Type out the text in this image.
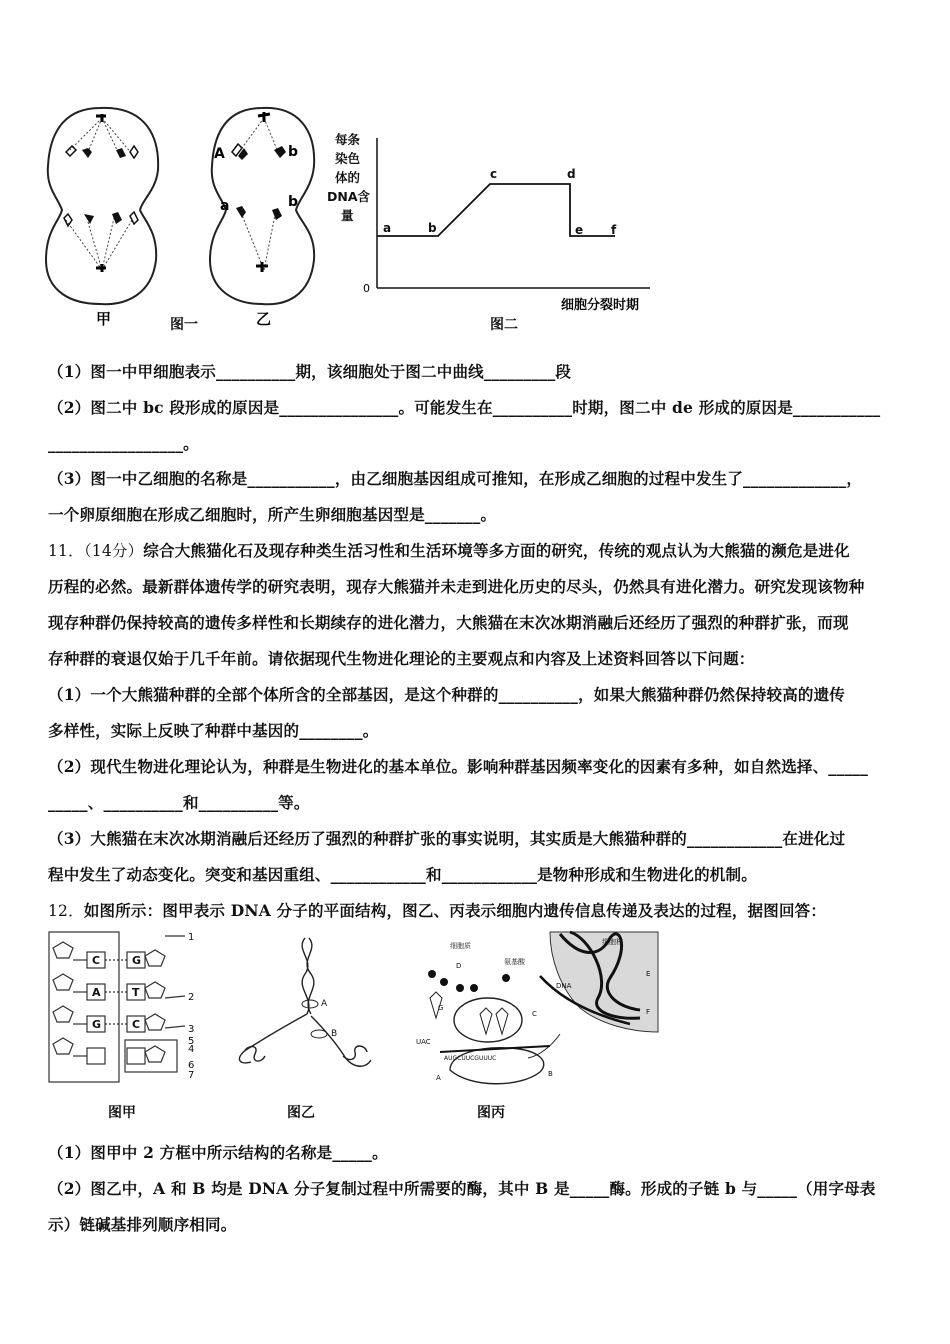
甲
A	b
a	b
乙
图一
每条
染色
体的
DNA含
量
0
a	b
c	d
e f
细胞分裂时期
图二
（1）图一中甲细胞表示__________期，该细胞处于图二中曲线_________段
（2）图二中 bc 段形成的原因是_______________。可能发生在__________时期，图二中 de 形成的原因是___________
_________________。
（3）图一中乙细胞的名称是___________，由乙细胞基因组成可推知，在形成乙细胞的过程中发生了_____________，
一个卵原细胞在形成乙细胞时，所产生卵细胞基因型是_______。
11．（14分）综合大熊猫化石及现存种类生活习性和生活环境等多方面的研究，传统的观点认为大熊猫的濒危是进化
历程的必然。最新群体遗传学的研究表明，现存大熊猫并未走到进化历史的尽头，仍然具有进化潜力。研究发现该物种
现存种群仍保持较高的遗传多样性和长期续存的进化潜力，大熊猫在末次冰期消融后还经历了强烈的种群扩张，而现
存种群的衰退仅始于几千年前。请依据现代生物进化理论的主要观点和内容及上述资料回答以下问题：
（1）一个大熊猫种群的全部个体所含的全部基因，是这个种群的__________，如果大熊猫种群仍然保持较高的遗传
多样性，实际上反映了种群中基因的________。
（2）现代生物进化理论认为，种群是生物进化的基本单位。影响种群基因频率变化的因素有多种，如自然选择、_____
_____、__________和__________等。
（3）大熊猫在末次冰期消融后还经历了强烈的种群扩张的事实说明，其实质是大熊猫种群的____________在进化过
程中发生了动态变化。突变和基因重组、____________和____________是物种形成和生物进化的机制。
12．如图所示：图甲表示 DNA 分子的平面结构，图乙、丙表示细胞内遗传信息传递及表达的过程，据图回答：
C
A
G
G
T
C
1
2
3
4
5
6
7
图甲
A
B
图乙
细胞质	细胞核
氨基酸
UAC
AUGCUUCGUUUC
D
G
C
A	B
E
F
DNA
图丙
（1）图甲中 2 方框中所示结构的名称是_____。
（2）图乙中，A 和 B 均是 DNA 分子复制过程中所需要的酶，其中 B 是_____酶。形成的子链 b 与_____（用字母表
示）链碱基排列顺序相同。
